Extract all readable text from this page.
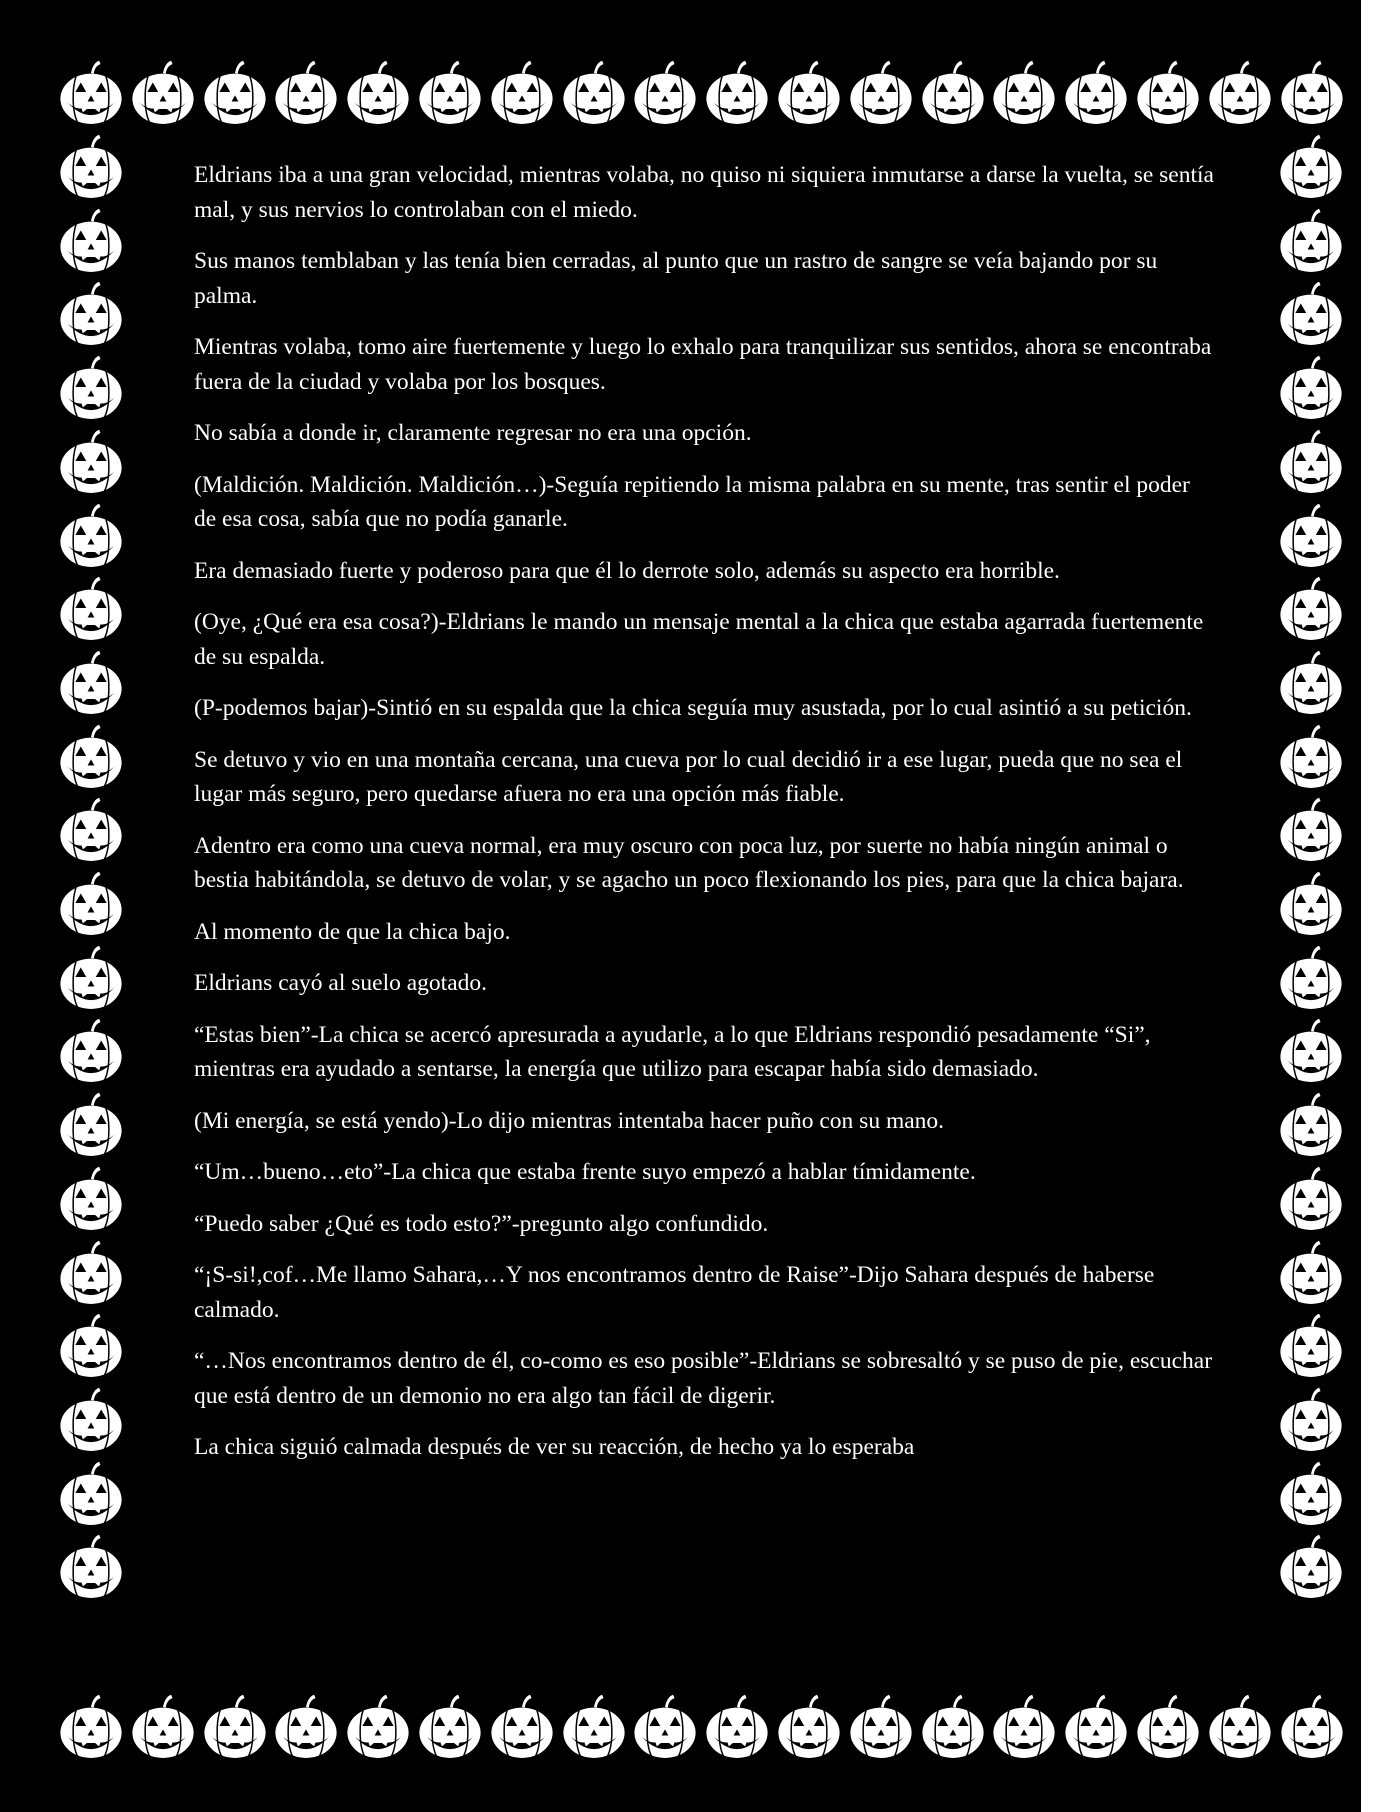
Eldrians iba a una gran velocidad, mientras volaba, no quiso ni siquiera inmutarse a darse la vuelta, se sentía mal, y sus nervios lo controlaban con el miedo.

Sus manos temblaban y las tenía bien cerradas, al punto que un rastro de sangre se veía bajando por su palma.

Mientras volaba, tomo aire fuertemente y luego lo exhalo para tranquilizar sus sentidos, ahora se encontraba fuera de la ciudad y volaba por los bosques.

No sabía a donde ir, claramente regresar no era una opción.

(Maldición. Maldición. Maldición…)-Seguía repitiendo la misma palabra en su mente, tras sentir el poder de esa cosa, sabía que no podía ganarle.

Era demasiado fuerte y poderoso para que él lo derrote solo, además su aspecto era horrible.

(Oye, ¿Qué era esa cosa?)-Eldrians le mando un mensaje mental a la chica que estaba agarrada fuertemente de su espalda.

(P-podemos bajar)-Sintió en su espalda que la chica seguía muy asustada, por lo cual asintió a su petición.

Se detuvo y vio en una montaña cercana, una cueva por lo cual decidió ir a ese lugar, pueda que no sea el lugar más seguro, pero quedarse afuera no era una opción más fiable.

Adentro era como una cueva normal, era muy oscuro con poca luz, por suerte no había ningún animal o bestia habitándola, se detuvo de volar, y se agacho un poco flexionando los pies, para que la chica bajara.

Al momento de que la chica bajo.

Eldrians cayó al suelo agotado.

“Estas bien”-La chica se acercó apresurada a ayudarle, a lo que Eldrians respondió pesadamente “Si”, mientras era ayudado a sentarse, la energía que utilizo para escapar había sido demasiado.

(Mi energía, se está yendo)-Lo dijo mientras intentaba hacer puño con su mano.

“Um…bueno…eto”-La chica que estaba frente suyo empezó a hablar tímidamente.

“Puedo saber ¿Qué es todo esto?”-pregunto algo confundido.

“¡S-si!,cof…Me llamo Sahara,…Y nos encontramos dentro de Raise”-Dijo Sahara después de haberse calmado.

“…Nos encontramos dentro de él, co-como es eso posible”-Eldrians se sobresaltó y se puso de pie, escuchar que está dentro de un demonio no era algo tan fácil de digerir.

La chica siguió calmada después de ver su reacción, de hecho ya lo esperaba
